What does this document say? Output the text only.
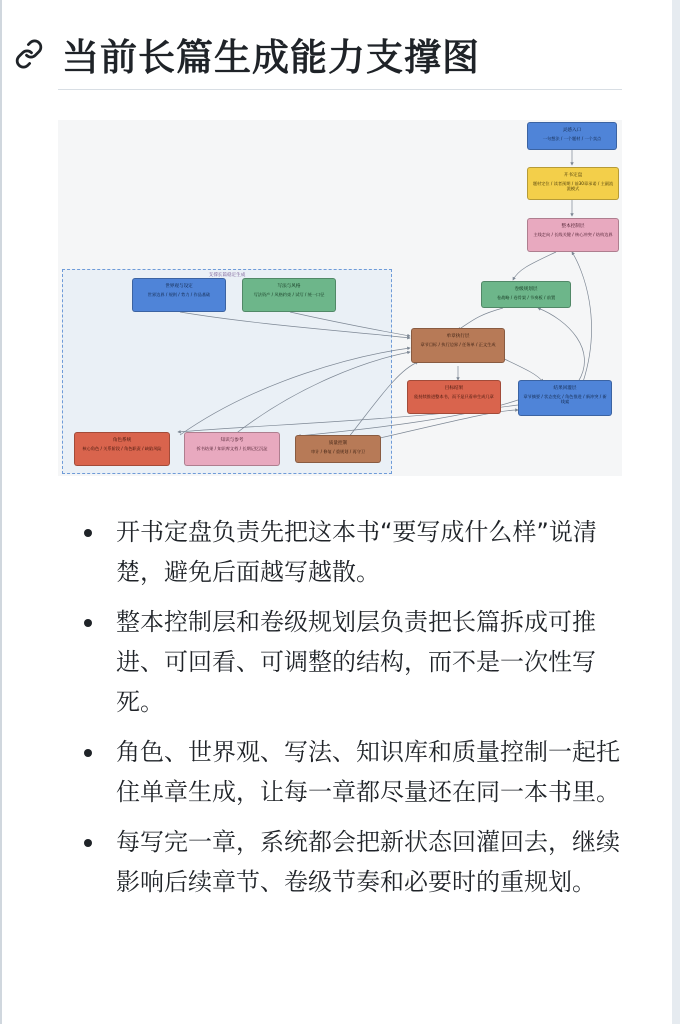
当前长篇生成能力支撑图
支撑长篇稳定生成
灵感入口
一句想法 / 一个题材 / 一个卖点
开书定盘
题材定位 / 读者预期 / 前30章承诺 / 主副流派模式
整本控制层
主线走向 / 长线关键 / 核心冲突 / 结构边界
卷级规划层
卷战略 / 卷骨架 / 节奏板 / 前置
世界观与设定
世界边界 / 规则 / 势力 / 作品基础
写法与风格
写法资产 / 风格约束 / 试写 / 统一口径
单章执行层
章节目标 / 执行边界 / 任务单 / 正文生成
目标结果
能持续推进整本书，而不是只看单生成几章
结果回灌层
章节摘要 / 状态变化 / 角色推进 / 新冲突 / 新线索
角色系统
核心角色 / 关系阶段 / 角色职责 / 缺陷风险
知识与参考
拆书结果 / 知识库文档 / 长期记忆沉淀
质量控制
审计 / 修复 / 重规划 / 再守卫
开书定盘负责先把这本书“要写成什么样”说清楚，避免后面越写越散。
整本控制层和卷级规划层负责把长篇拆成可推进、可回看、可调整的结构，而不是一次性写死。
角色、世界观、写法、知识库和质量控制一起托住单章生成，让每一章都尽量还在同一本书里。
每写完一章，系统都会把新状态回灌回去，继续影响后续章节、卷级节奏和必要时的重规划。
